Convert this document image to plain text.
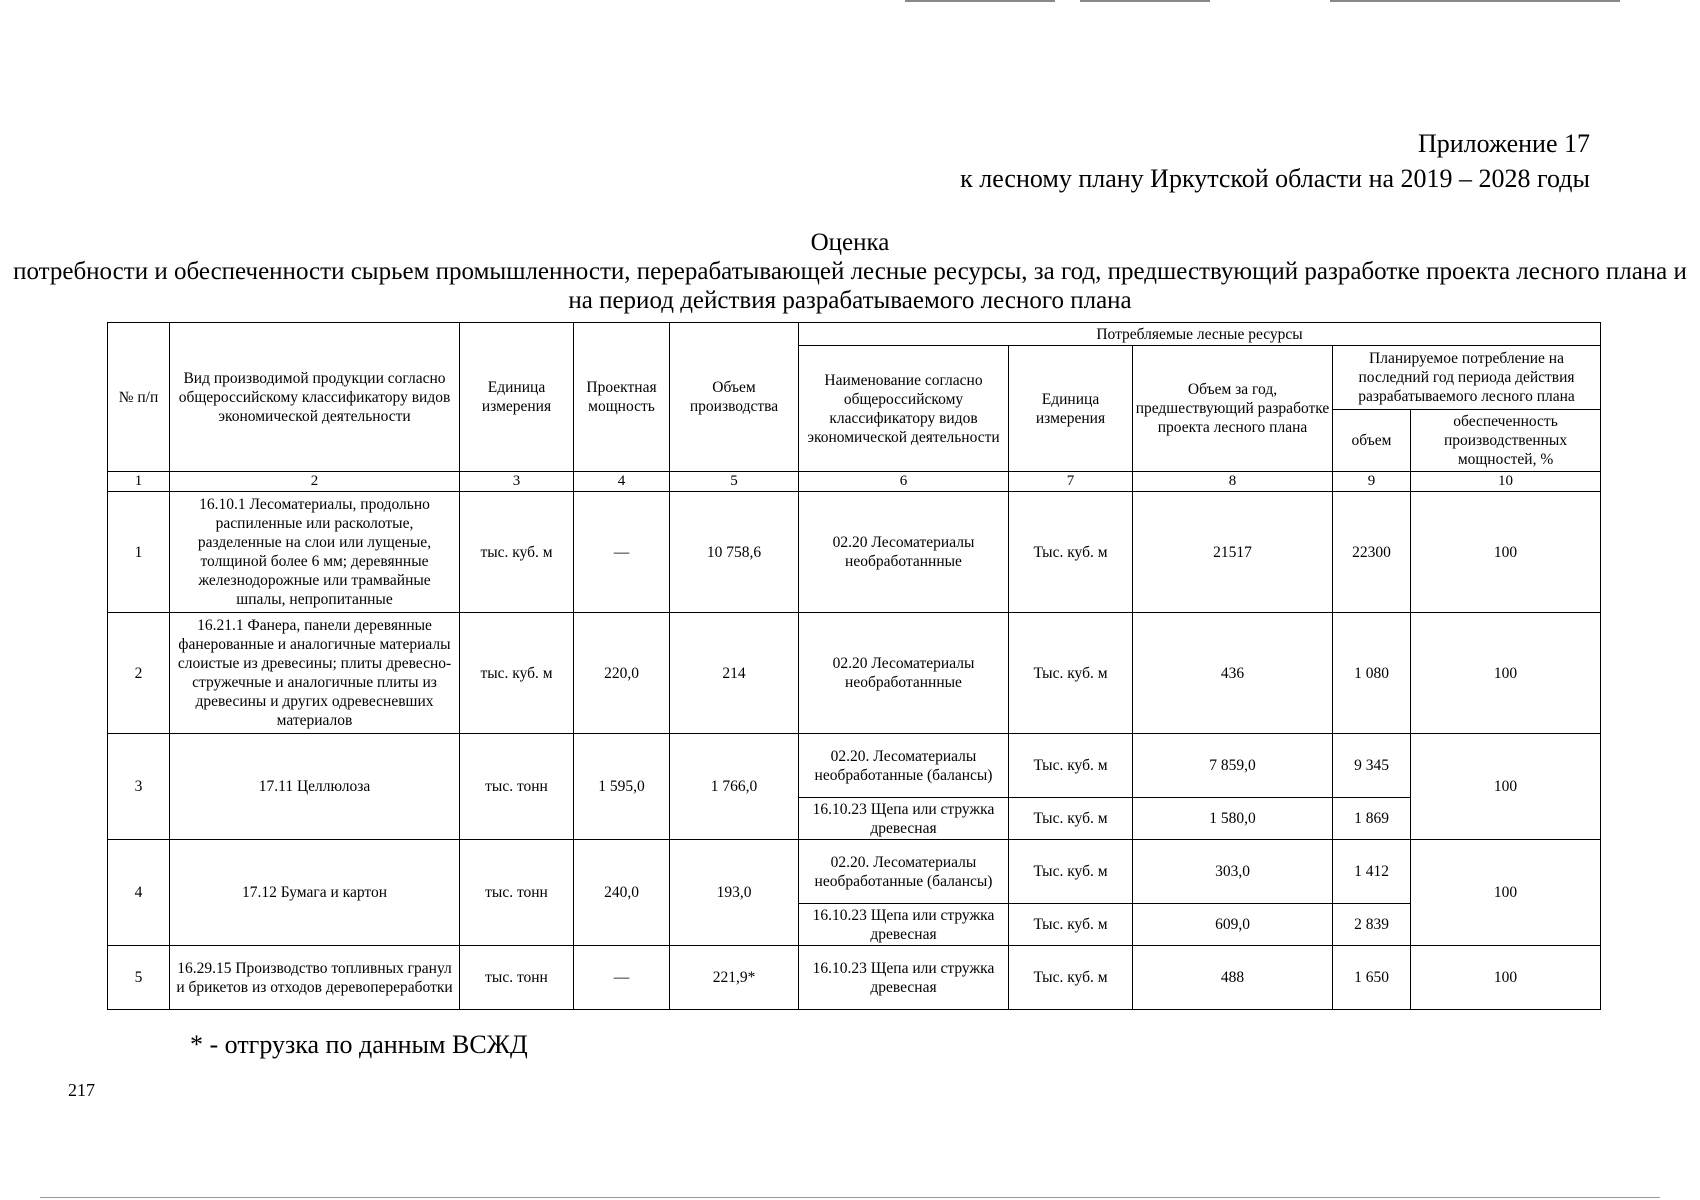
Приложение 17
к лесному плану Иркутской области на 2019 – 2028 годы
Оценка
потребности и обеспеченности сырьем промышленности, перерабатывающей лесные ресурсы, за год, предшествующий разработке проекта лесного плана и на период действия разрабатываемого лесного плана
№ п/п	Вид производимой продукции согласно общероссийскому классификатору видов экономической деятельности	Единица измерения	Проектная мощность	Объем производства	Потребляемые лесные ресурсы				
					Наименование согласно общероссийскому классификатору видов экономической деятельности	Единица измерения	Объем за год, предшествующий разработке проекта лесного плана	Планируемое потребление на последний год периода действия разрабатываемого лесного плана	
								объем	обеспеченность производственных мощностей, %
1	2	3	4	5	6	7	8	9	10
1	16.10.1 Лесоматериалы, продольно распиленные или расколотые, разделенные на слои или лущеные, толщиной более 6 мм; деревянные железнодорожные или трамвайные шпалы, непропитанные	тыс. куб. м	—	10 758,6	02.20 Лесоматериалы необработаннные	Тыс. куб. м	21517	22300	100
2	16.21.1 Фанера, панели деревянные фанерованные и аналогичные материалы слоистые из древесины; плиты древесно-стружечные и аналогичные плиты из древесины и других одревесневших материалов	тыс. куб. м	220,0	214	02.20 Лесоматериалы необработаннные	Тыс. куб. м	436	1 080	100
3	17.11 Целлюлоза	тыс. тонн	1 595,0	1 766,0	02.20. Лесоматериалы необработанные (балансы)	Тыс. куб. м	7 859,0	9 345	100
					16.10.23 Щепа или стружка древесная	Тыс. куб. м	1 580,0	1 869	
4	17.12 Бумага и картон	тыс. тонн	240,0	193,0	02.20. Лесоматериалы необработанные (балансы)	Тыс. куб. м	303,0	1 412	100
					16.10.23 Щепа или стружка древесная	Тыс. куб. м	609,0	2 839	
5	16.29.15 Производство топливных гранул и брикетов из отходов деревопереработки	тыс. тонн	—	221,9*	16.10.23 Щепа или стружка древесная	Тыс. куб. м	488	1 650	100
* - отгрузка по данным ВСЖД
217
